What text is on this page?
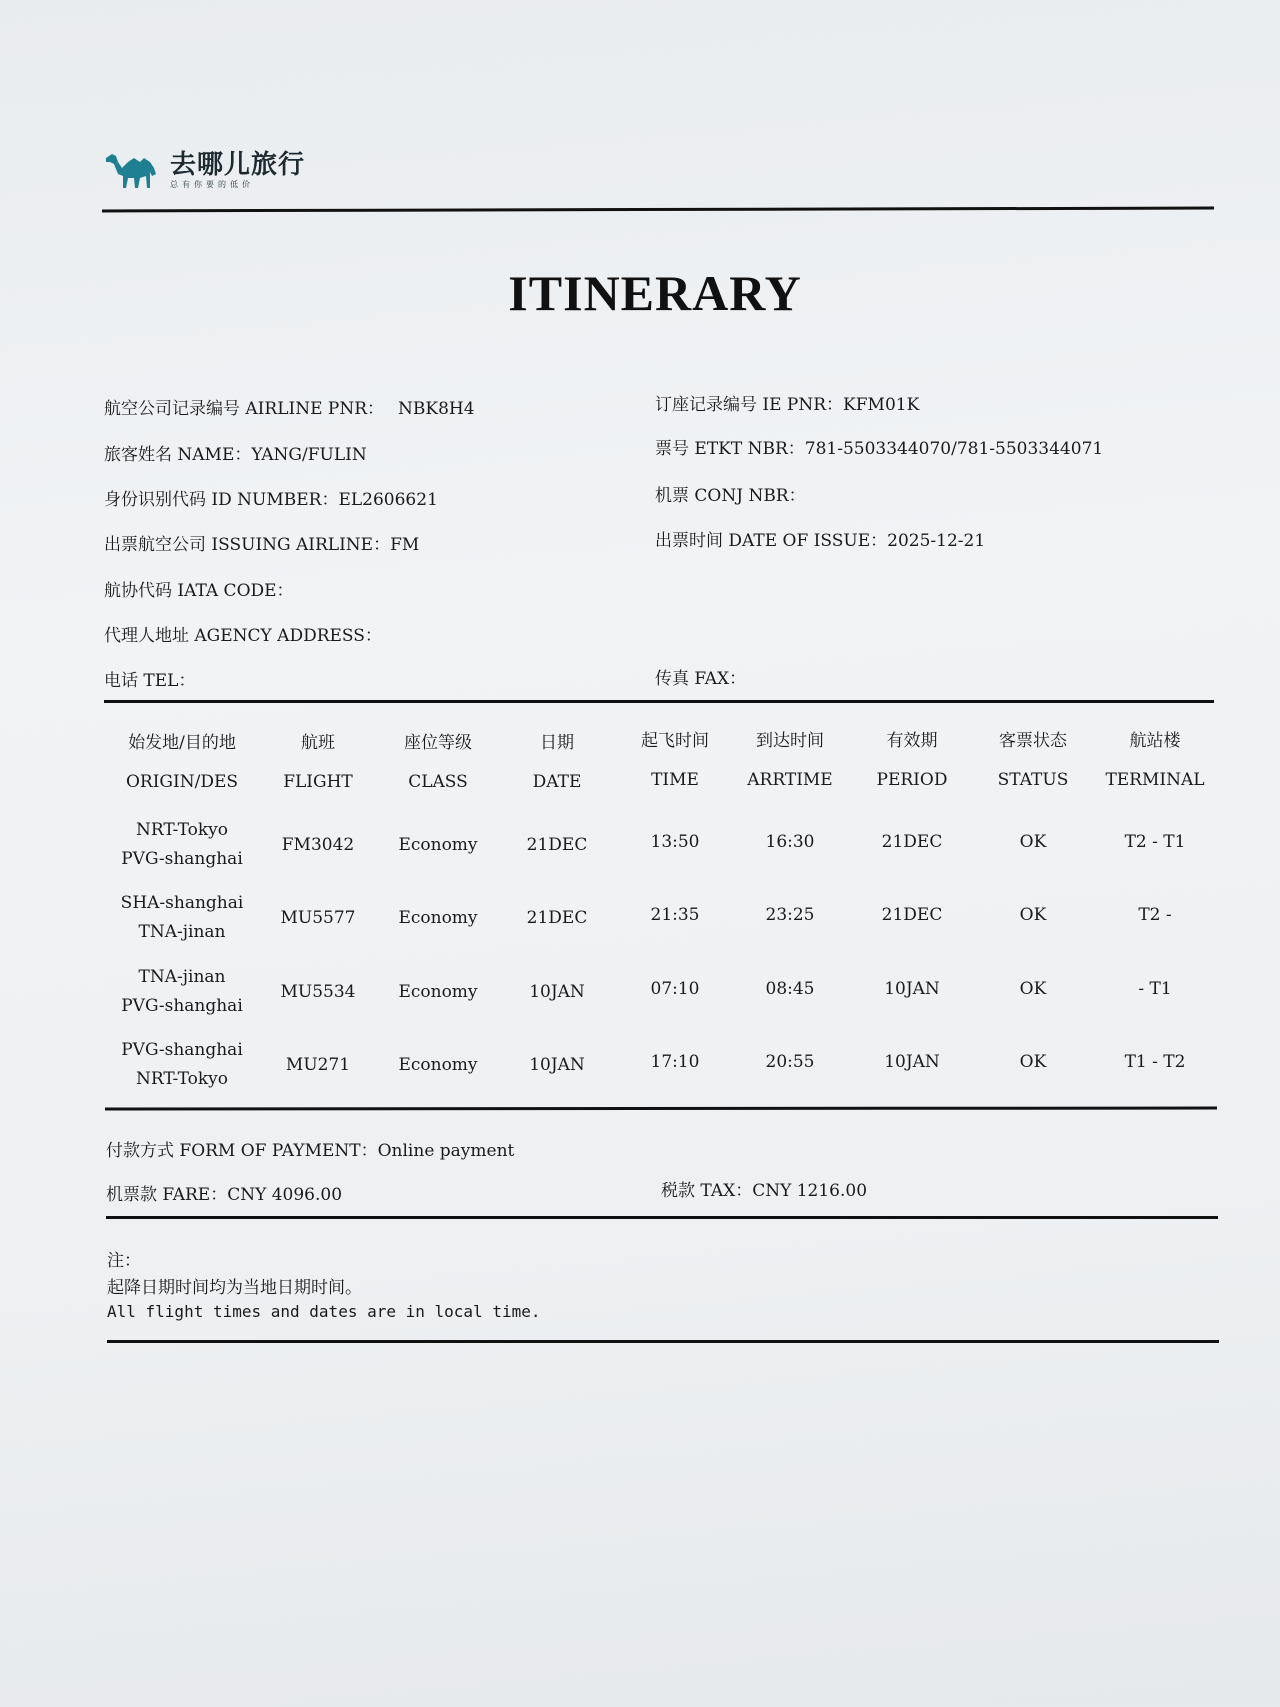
去哪儿旅行
总有你要的低价
ITINERARY
航空公司记录编号 AIRLINE PNR： NBK8H4
旅客姓名 NAME：YANG/FULIN
身份识别代码 ID NUMBER：EL2606621
出票航空公司 ISSUING AIRLINE：FM
航协代码 IATA CODE：
代理人地址 AGENCY ADDRESS：
电话 TEL：
订座记录编号 IE PNR：KFM01K
票号 ETKT NBR：781-5503344070/781-5503344071
机票 CONJ NBR：
出票时间 DATE OF ISSUE：2025-12-21
传真 FAX：
始发地/目的地	航班	座位等级	日期	起飞时间	到达时间	有效期	客票状态	航站楼
ORIGIN/DES	FLIGHT	CLASS	DATE	TIME	ARRTIME	PERIOD	STATUS TERMINAL
NRT-Tokyo
PVG-shanghai
FM3042	Economy	21DEC	13:50	16:30	21DEC	OK	T2 - T1
SHA-shanghai
TNA-jinan
MU5577	Economy	21DEC	21:35	23:25	21DEC	OK	T2 -
TNA-jinan
PVG-shanghai
MU5534	Economy	10JAN	07:10	08:45	10JAN	OK	- T1
PVG-shanghai
NRT-Tokyo
MU271	Economy	10JAN	17:10	20:55	10JAN	OK	T1 - T2
付款方式 FORM OF PAYMENT：Online payment
机票款 FARE：CNY 4096.00	税款 TAX：CNY 1216.00
注：
起降日期时间均为当地日期时间。
All flight times and dates are in local time.
